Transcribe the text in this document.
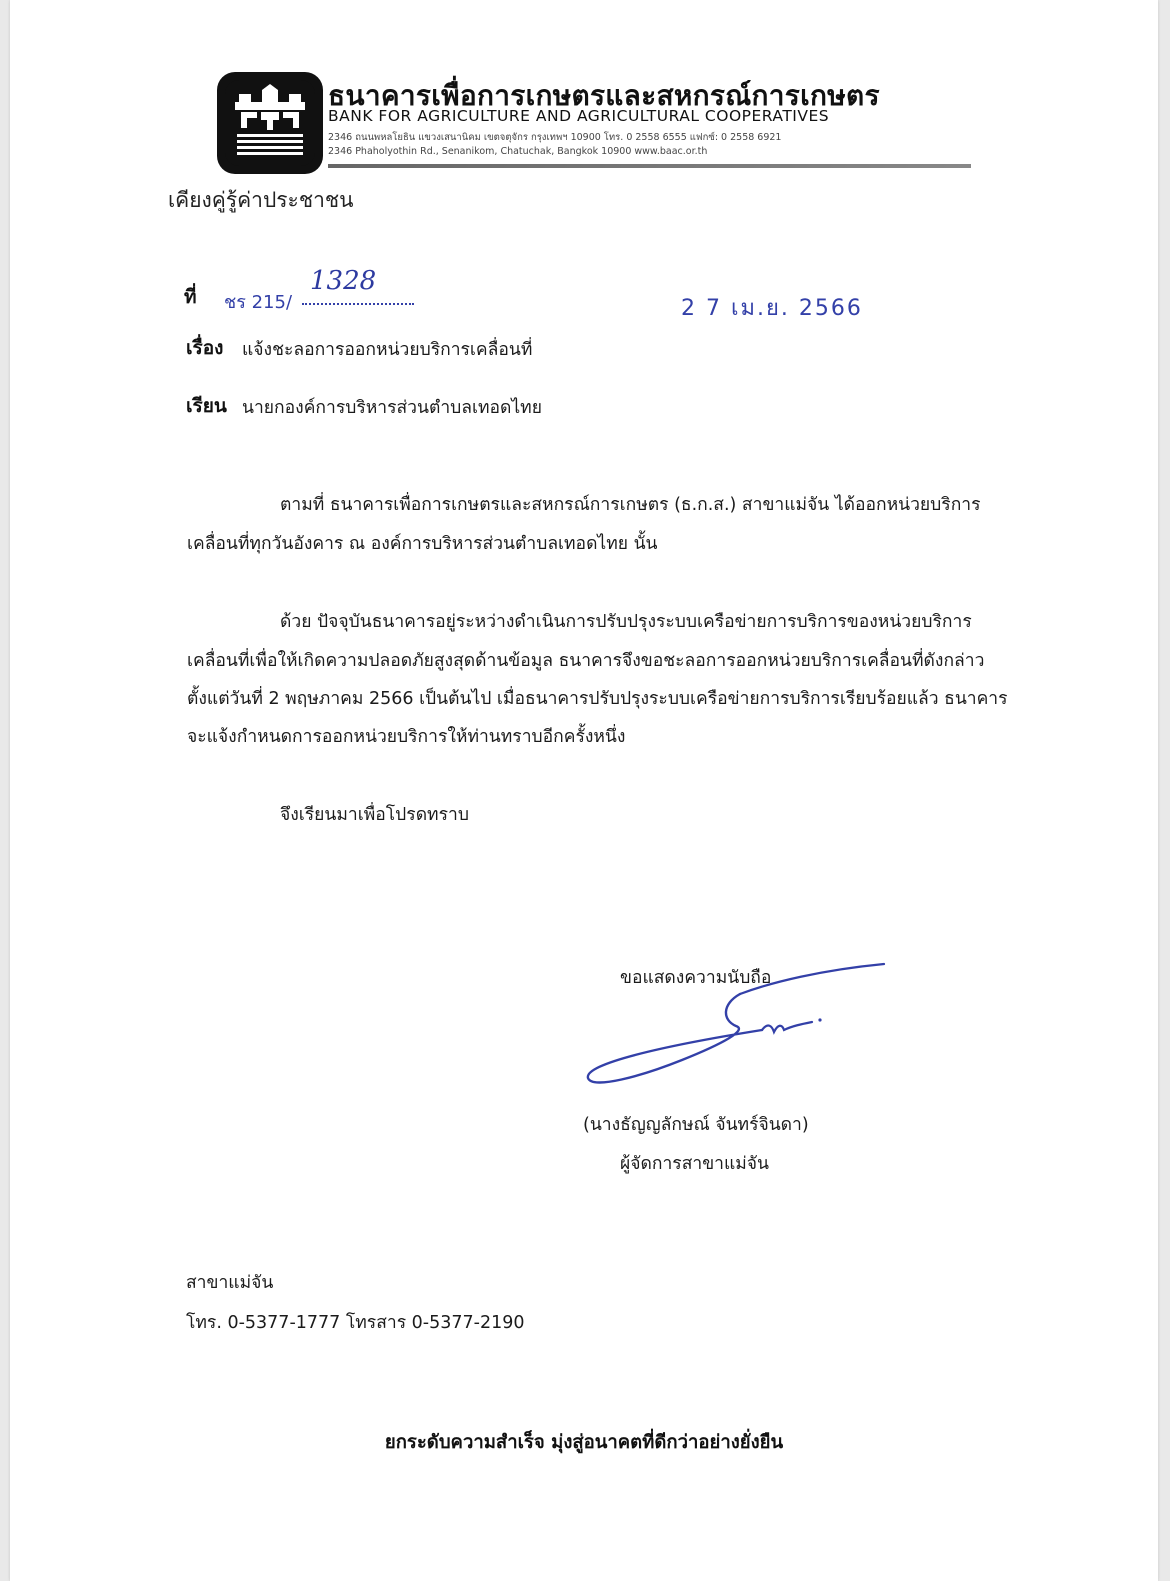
ธนาคารเพื่อการเกษตรและสหกรณ์การเกษตร
BANK FOR AGRICULTURE AND AGRICULTURAL COOPERATIVES
2346 ถนนพหลโยธิน แขวงเสนานิคม เขตจตุจักร กรุงเทพฯ 10900 โทร. 0 2558 6555 แฟกซ์: 0 2558 6921
2346 Phaholyothin Rd., Senanikom, Chatuchak, Bangkok 10900 www.baac.or.th
เคียงคู่รู้ค่าประชาชน
ที่ ชร 215/
1328
2 7 เม.ย. 2566
เรื่อง แจ้งชะลอการออกหน่วยบริการเคลื่อนที่
เรียน นายกองค์การบริหารส่วนตำบลเทอดไทย
ตามที่ ธนาคารเพื่อการเกษตรและสหกรณ์การเกษตร (ธ.ก.ส.) สาขาแม่จัน ได้ออกหน่วยบริการ
เคลื่อนที่ทุกวันอังคาร ณ องค์การบริหารส่วนตำบลเทอดไทย นั้น
ด้วย ปัจจุบันธนาคารอยู่ระหว่างดำเนินการปรับปรุงระบบเครือข่ายการบริการของหน่วยบริการ
เคลื่อนที่เพื่อให้เกิดความปลอดภัยสูงสุดด้านข้อมูล ธนาคารจึงขอชะลอการออกหน่วยบริการเคลื่อนที่ดังกล่าว
ตั้งแต่วันที่ 2 พฤษภาคม 2566 เป็นต้นไป เมื่อธนาคารปรับปรุงระบบเครือข่ายการบริการเรียบร้อยแล้ว ธนาคาร
จะแจ้งกำหนดการออกหน่วยบริการให้ท่านทราบอีกครั้งหนึ่ง
จึงเรียนมาเพื่อโปรดทราบ
ขอแสดงความนับถือ
(นางธัญญลักษณ์ จันทร์จินดา)
ผู้จัดการสาขาแม่จัน
สาขาแม่จัน
โทร. 0-5377-1777 โทรสาร 0-5377-2190
ยกระดับความสำเร็จ มุ่งสู่อนาคตที่ดีกว่าอย่างยั่งยืน
